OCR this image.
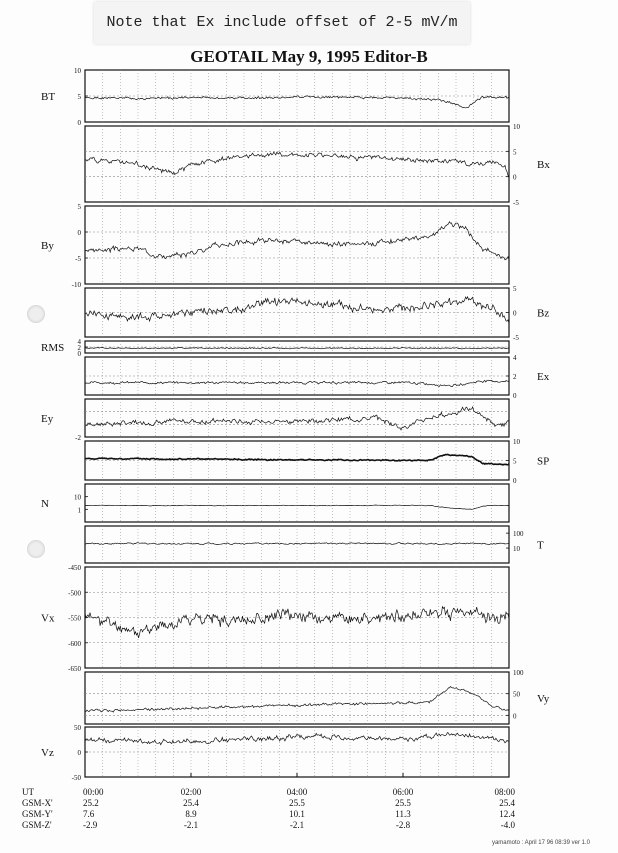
Note that Ex include offset of 2-5 mV/m
GEOTAIL May 9, 1995 Editor-B
10
5
0
BT
10
5
0
-5
Bx
5
0
-5
-10
By
5
0
-5
Bz
4
2
0
RMS
4
2
0
Ex
-2
Ey
10
5
0
SP
10
1
N
100
10 T
-450
-500
-550
-600
-650
Vx
100
50
0
Vy
50
0
-50
Vz
UT	00:00	02:00	04:00	06:00	08:00
GSM-X'	25.2	25.4	25.5	25.5	25.4
GSM-Y'	7.6	8.9	10.1	11.3	12.4
GSM-Z'	-2.9	-2.1	-2.1	-2.8	-4.0
yamamoto : April 17 96 08:39 ver 1.0
